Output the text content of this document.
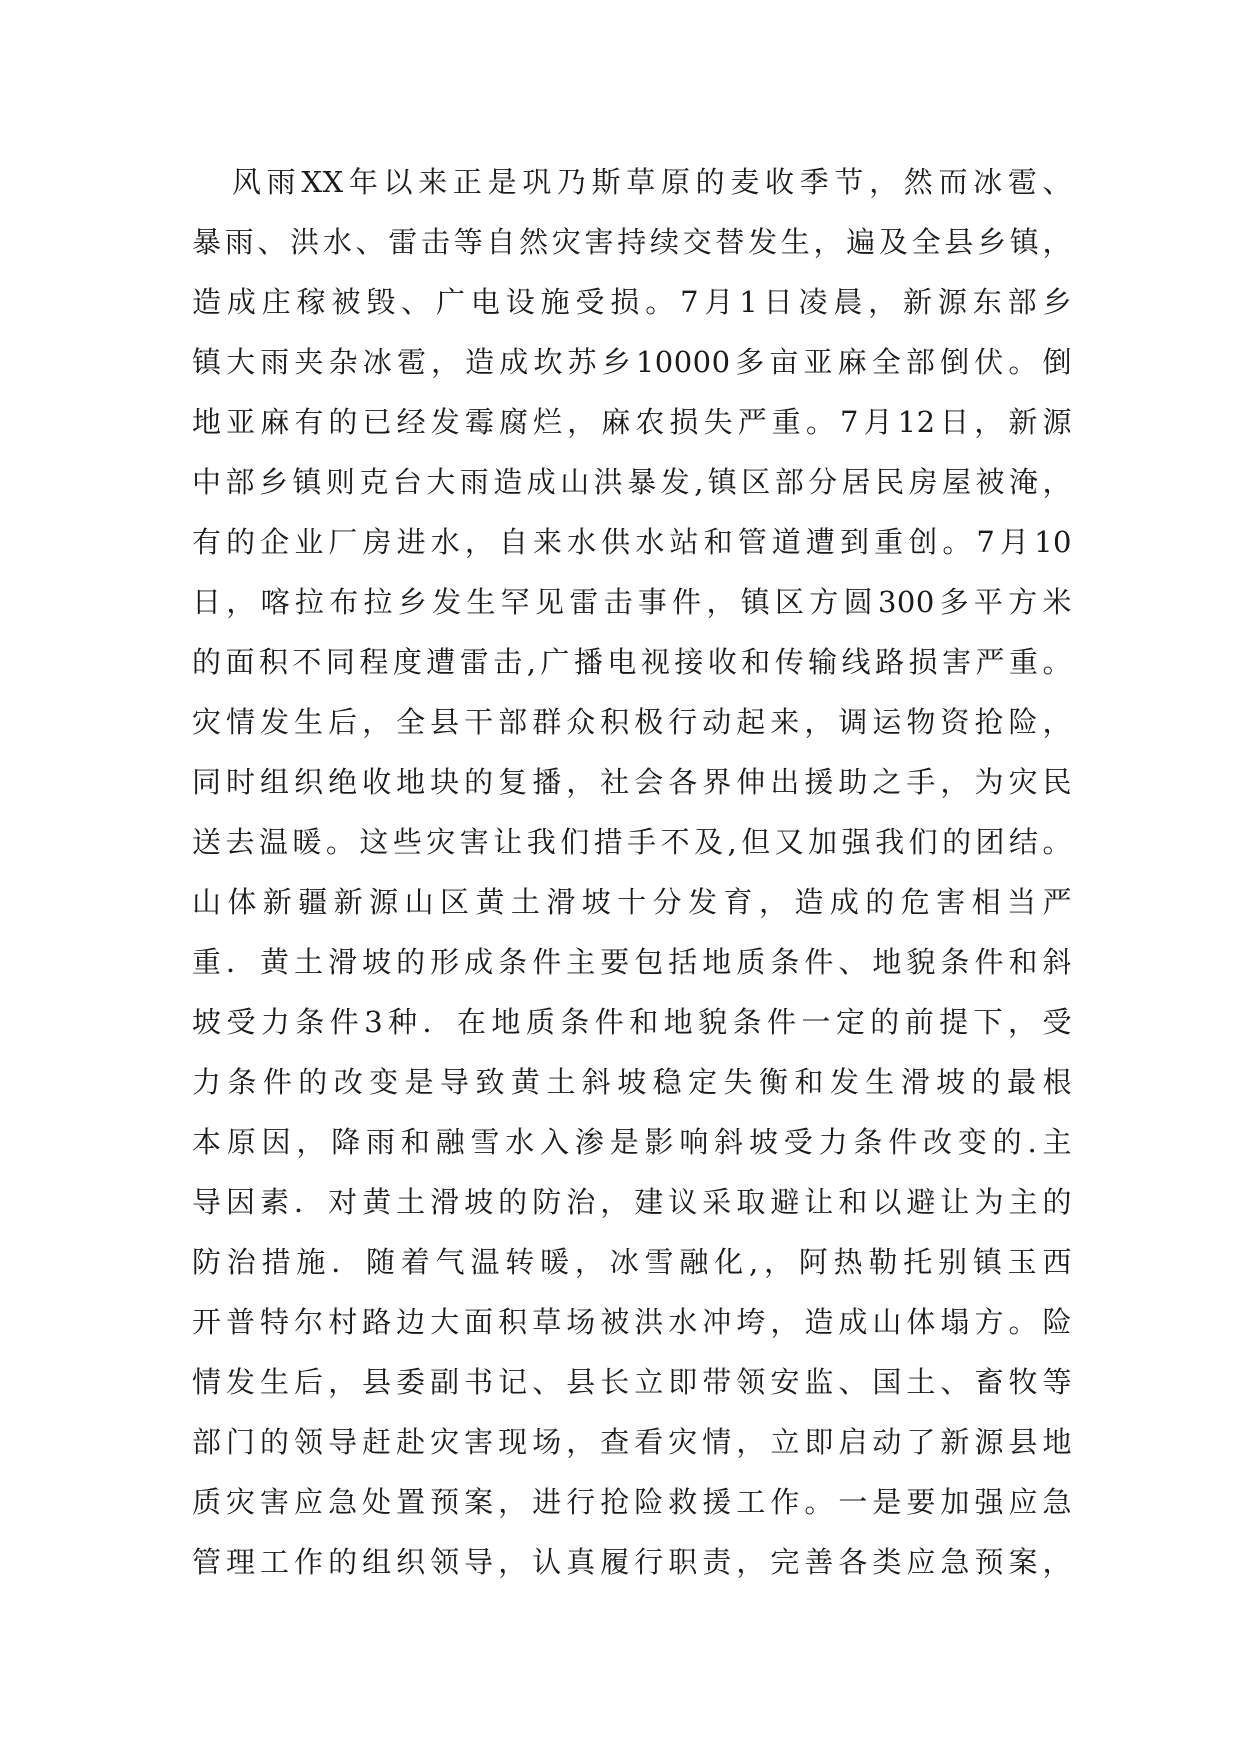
风雨XX年以来正是巩乃斯草原的麦收季节，然而冰雹、
暴雨、洪水、雷击等自然灾害持续交替发生，遍及全县乡镇，
造成庄稼被毁、广电设施受损。7月1日凌晨，新源东部乡
镇大雨夹杂冰雹，造成坎苏乡10000多亩亚麻全部倒伏。倒
地亚麻有的已经发霉腐烂，麻农损失严重。7月12日，新源
中部乡镇则克台大雨造成山洪暴发,镇区部分居民房屋被淹，
有的企业厂房进水，自来水供水站和管道遭到重创。7月10
日，喀拉布拉乡发生罕见雷击事件，镇区方圆300多平方米
的面积不同程度遭雷击,广播电视接收和传输线路损害严重。
灾情发生后，全县干部群众积极行动起来，调运物资抢险，
同时组织绝收地块的复播，社会各界伸出援助之手，为灾民
送去温暖。这些灾害让我们措手不及,但又加强我们的团结。
山体新疆新源山区黄土滑坡十分发育，造成的危害相当严
重．黄土滑坡的形成条件主要包括地质条件、地貌条件和斜
坡受力条件3种．在地质条件和地貌条件一定的前提下，受
力条件的改变是导致黄土斜坡稳定失衡和发生滑坡的最根
本原因，降雨和融雪水入渗是影响斜坡受力条件改变的.主
导因素．对黄土滑坡的防治，建议采取避让和以避让为主的
防治措施．随着气温转暖，冰雪融化,，阿热勒托别镇玉西
开普特尔村路边大面积草场被洪水冲垮，造成山体塌方。险
情发生后，县委副书记、县长立即带领安监、国土、畜牧等
部门的领导赶赴灾害现场，查看灾情，立即启动了新源县地
质灾害应急处置预案，进行抢险救援工作。一是要加强应急
管理工作的组织领导，认真履行职责，完善各类应急预案，
